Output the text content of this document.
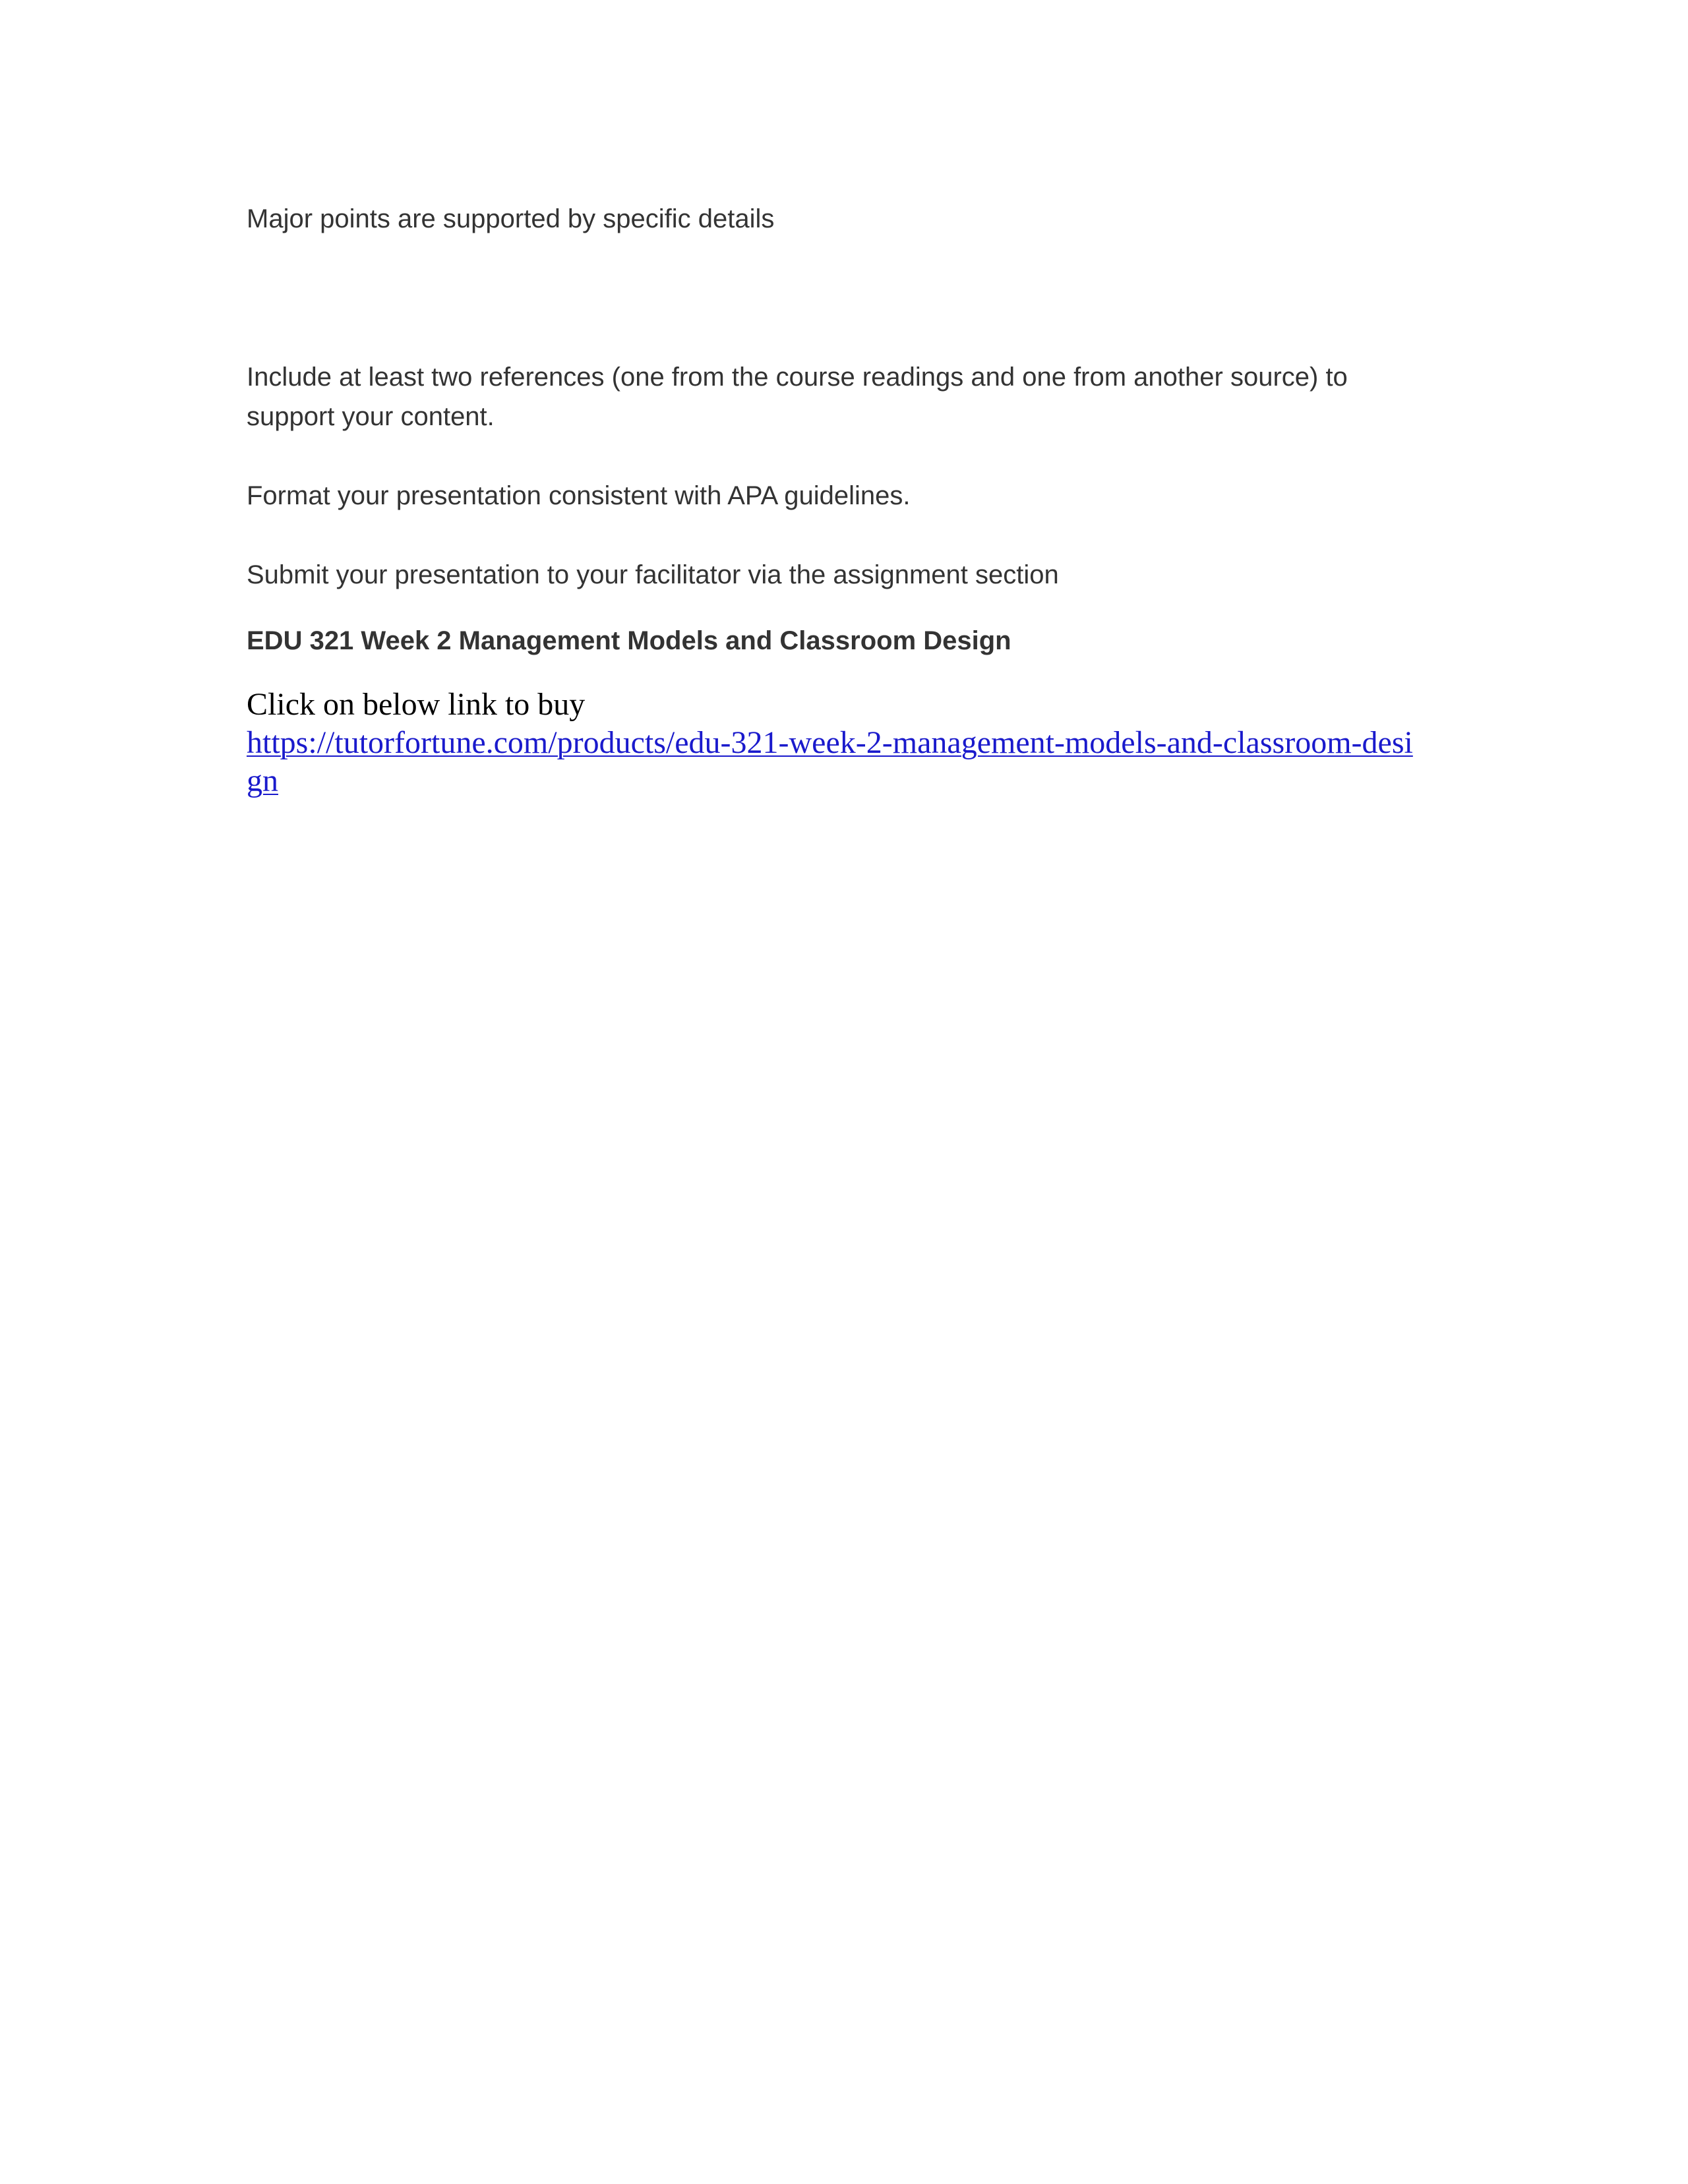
Major points are supported by specific details

Include at least two references (one from the course readings and one from another source) to support your content.

Format your presentation consistent with APA guidelines.

Submit your presentation to your facilitator via the assignment section

EDU 321 Week 2 Management Models and Classroom Design

Click on below link to buy
https://tutorfortune.com/products/edu-321-week-2-management-models-and-classroom-design
